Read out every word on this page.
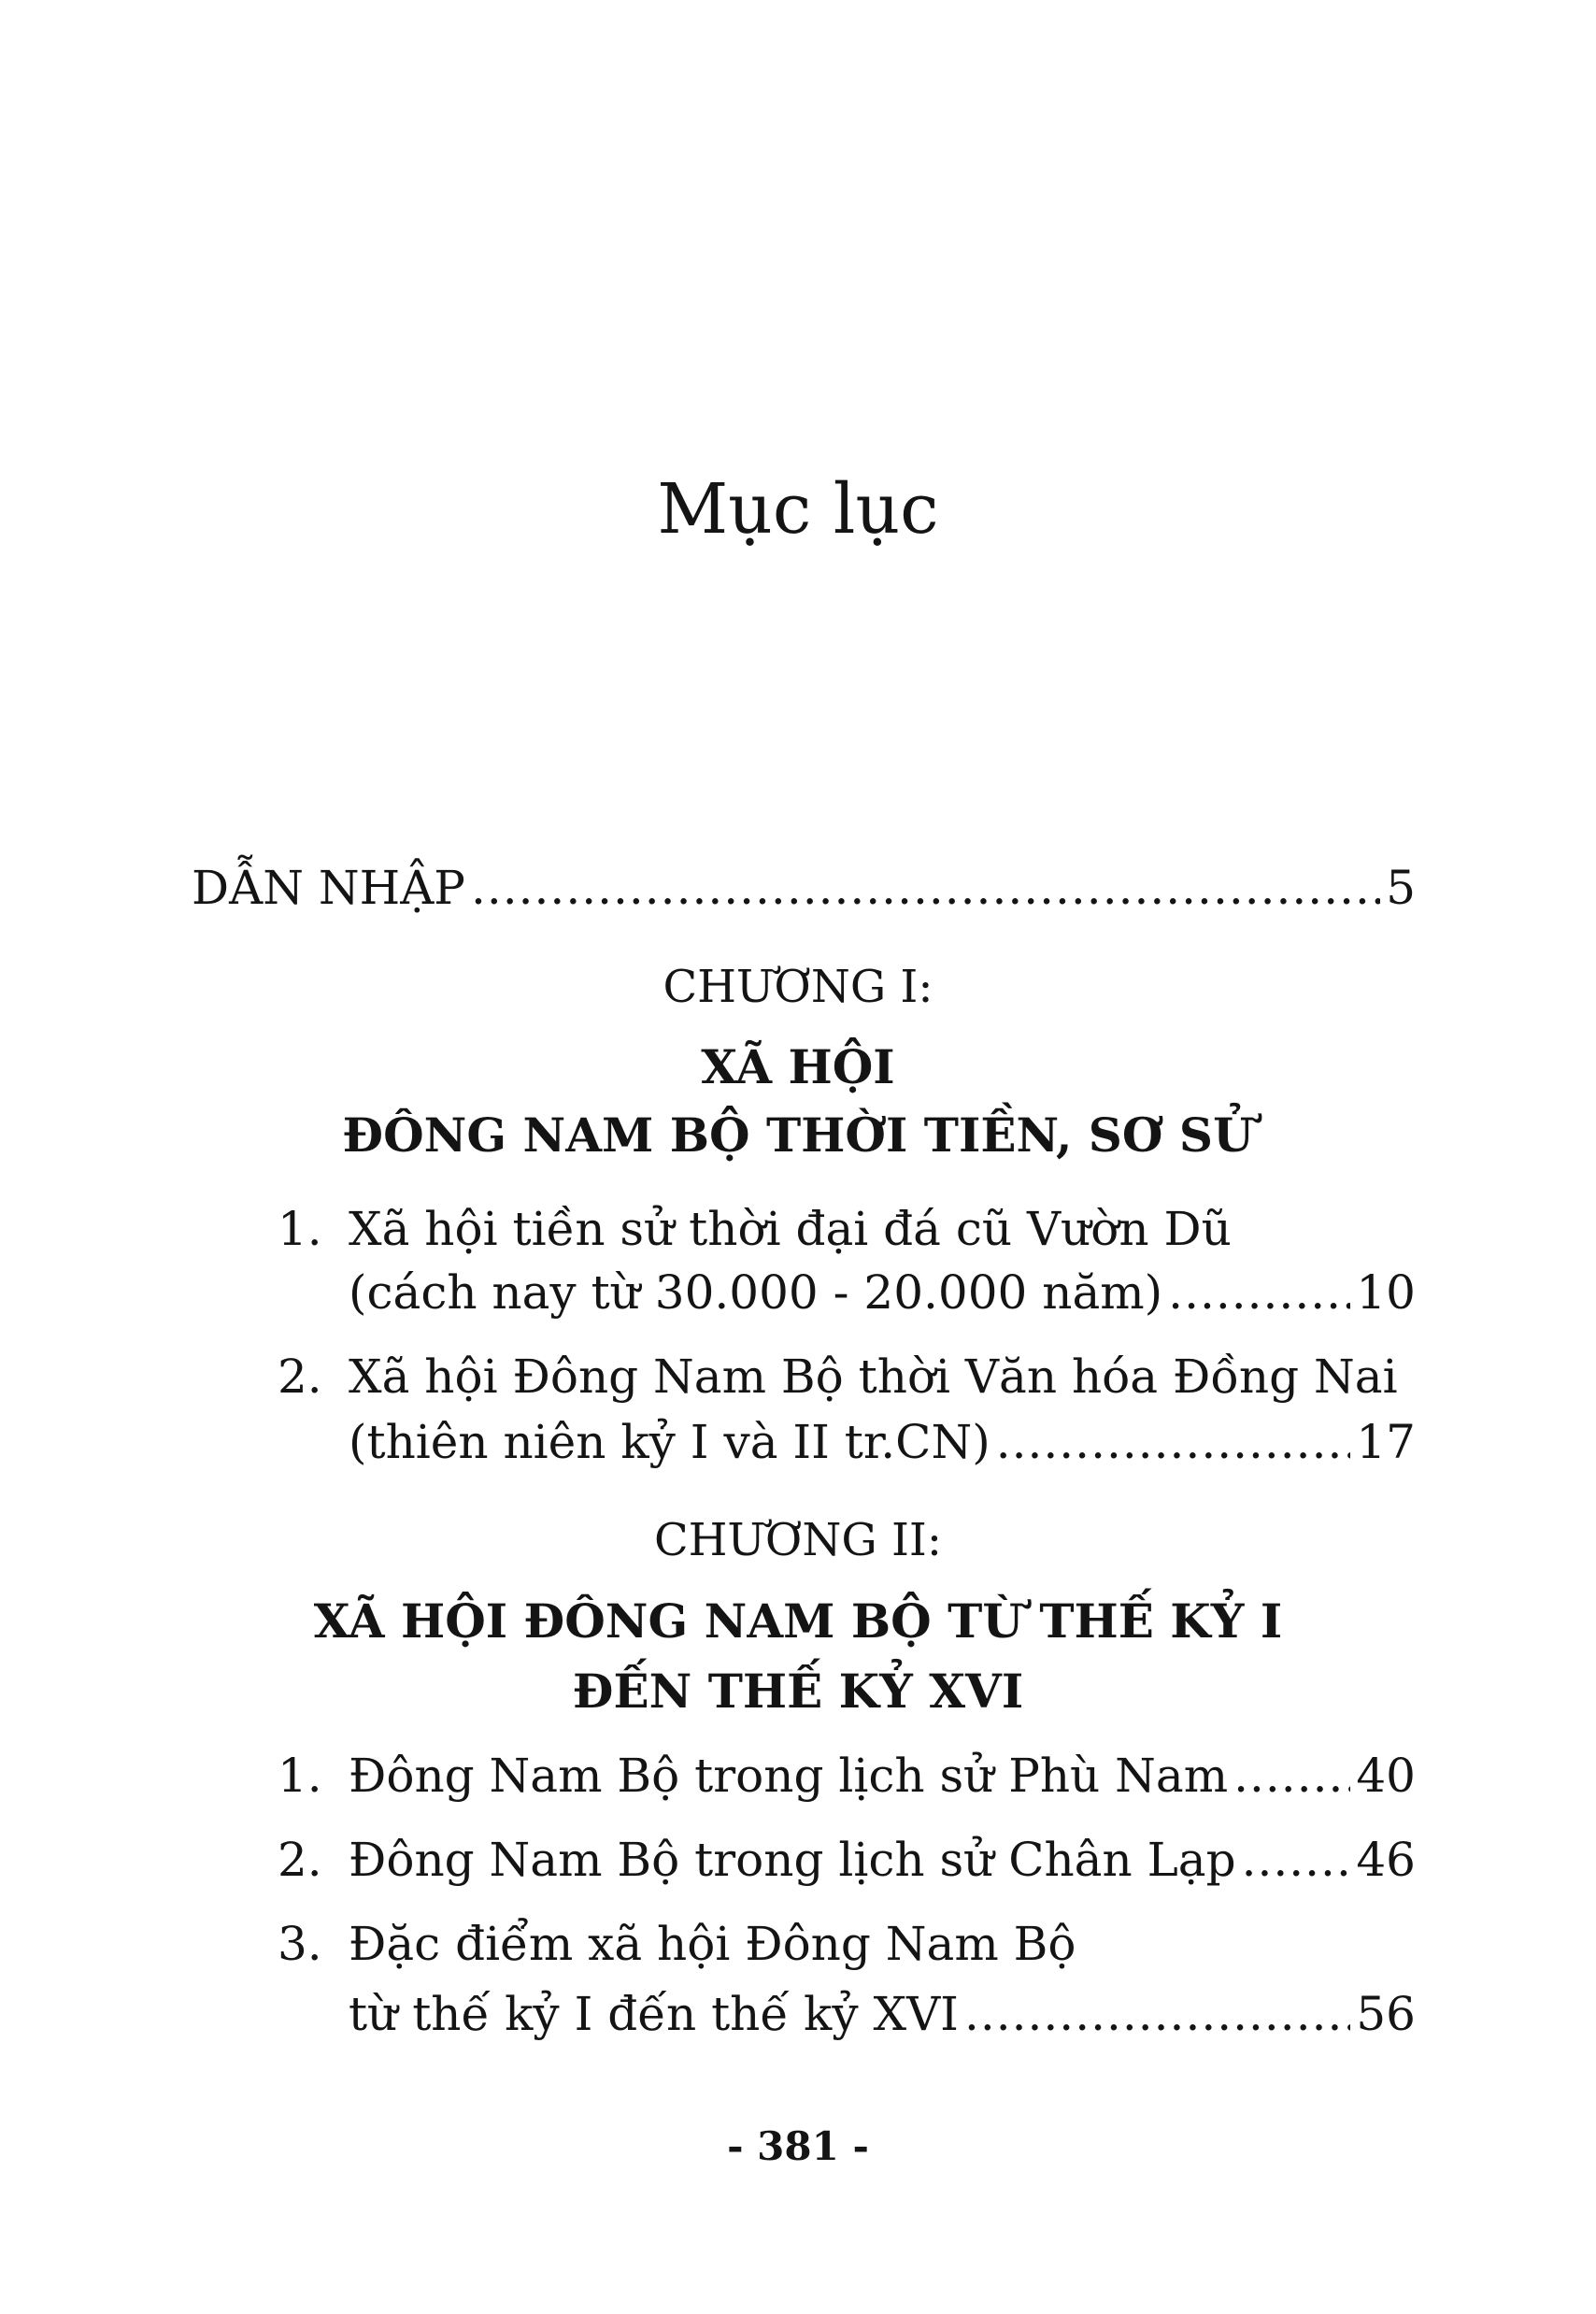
Mục lục
DẪN NHẬP .....	5
CHƯƠNG I:
XÃ HỘI
ĐÔNG NAM BỘ THỜI TIỀN, SƠ SỬ
1. Xã hội tiền sử thời đại đá cũ Vườn Dũ
(cách nay từ 30.000 - 20.000 năm) .....	10
2. Xã hội Đông Nam Bộ thời Văn hóa Đồng Nai
(thiên niên kỷ I và II tr.CN) .....	17
CHƯƠNG II:
XÃ HỘI ĐÔNG NAM BỘ TỪ THẾ KỶ I
ĐẾN THẾ KỶ XVI
1. Đông Nam Bộ trong lịch sử Phù Nam .....	40
2. Đông Nam Bộ trong lịch sử Chân Lạp .....	46
3. Đặc điểm xã hội Đông Nam Bộ
từ thế kỷ I đến thế kỷ XVI .....	56
- 381 -
